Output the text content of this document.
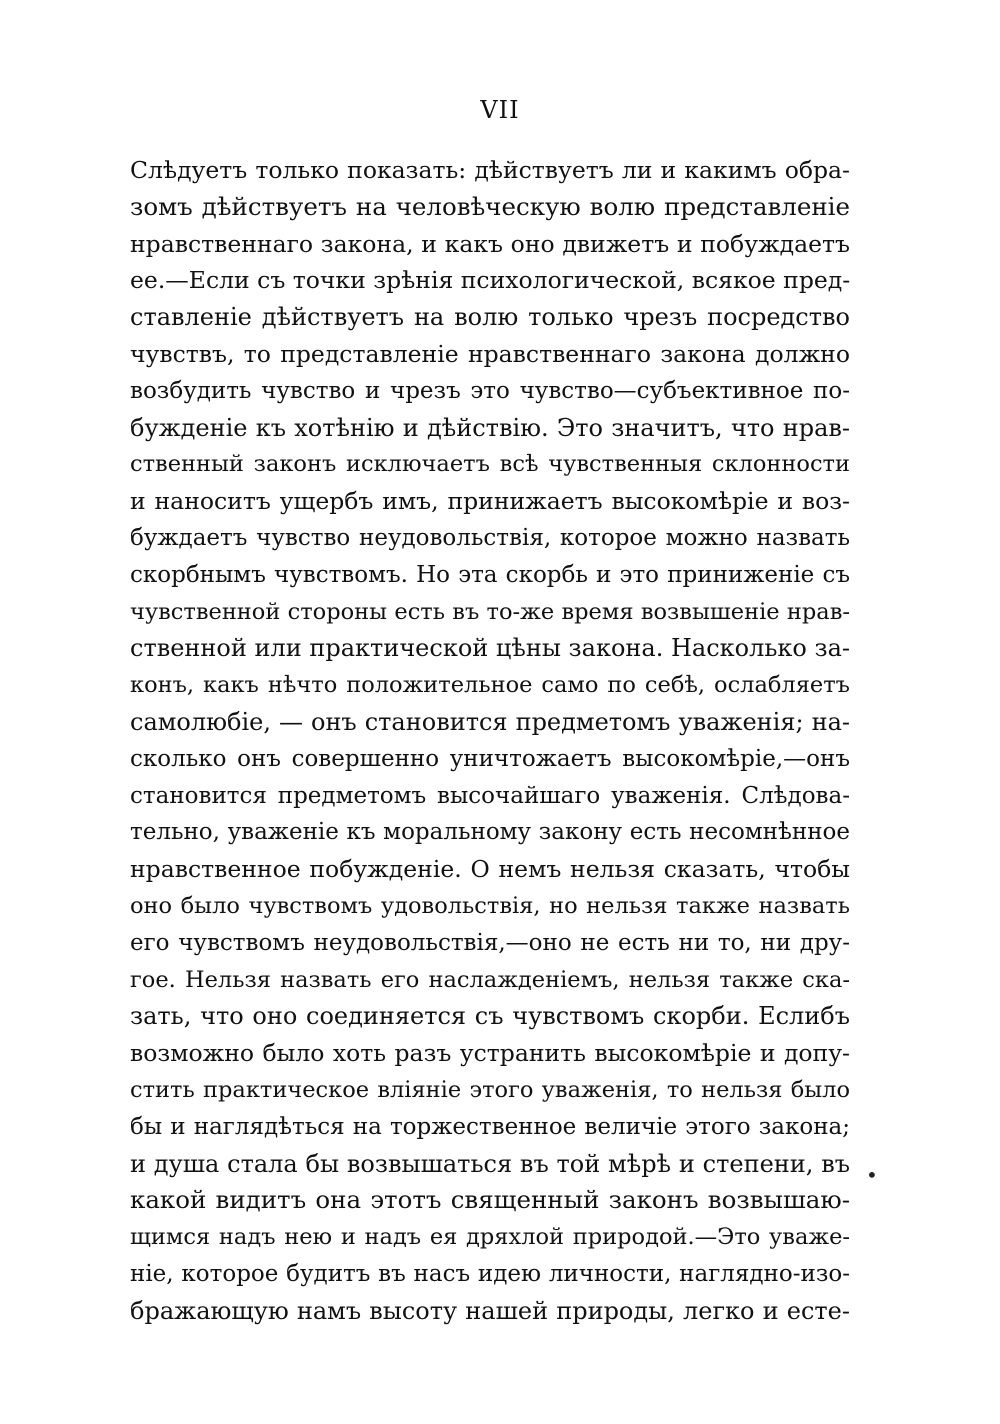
VII
Слѣдуетъ только показать: дѣйствуетъ ли и какимъ обра-
зомъ дѣйствуетъ на человѣческую волю представленіе
нравственнаго закона, и какъ оно движетъ и побуждаетъ
ее.—Если съ точки зрѣнія психологической, всякое пред-
ставленіе дѣйствуетъ на волю только чрезъ посредство
чувствъ, то представленіе нравственнаго закона должно
возбудить чувство и чрезъ это чувство—субъективное по-
бужденіе къ хотѣнію и дѣйствію. Это значитъ, что нрав-
ственный законъ исключаетъ всѣ чувственныя склонности
и наноситъ ущербъ имъ, принижаетъ высокомѣріе и воз-
буждаетъ чувство неудовольствія, которое можно назвать
скорбнымъ чувствомъ. Но эта скорбь и это приниженіе съ
чувственной стороны есть въ то-же время возвышеніе нрав-
ственной или практической цѣны закона. Насколько за-
конъ, какъ нѣчто положительное само по себѣ, ослабляетъ
самолюбіе, — онъ становится предметомъ уваженія; на-
сколько онъ совершенно уничтожаетъ высокомѣріе,—онъ
становится предметомъ высочайшаго уваженія. Слѣдова-
тельно, уваженіе къ моральному закону есть несомнѣнное
нравственное побужденіе. О немъ нельзя сказать, чтобы
оно было чувствомъ удовольствія, но нельзя также назвать
его чувствомъ неудовольствія,—оно не есть ни то, ни дру-
гое. Нельзя назвать его наслажденіемъ, нельзя также ска-
зать, что оно соединяется съ чувствомъ скорби. Еслибъ
возможно было хоть разъ устранить высокомѣріе и допу-
стить практическое вліяніе этого уваженія, то нельзя было
бы и наглядѣться на торжественное величіе этого закона;
и душа стала бы возвышаться въ той мѣрѣ и степени, въ
какой видитъ она этотъ священный законъ возвышаю-
щимся надъ нею и надъ ея дряхлой природой.—Это уваже-
ніе, которое будитъ въ насъ идею личности, наглядно-изо-
бражающую намъ высоту нашей природы, легко и есте-
•
